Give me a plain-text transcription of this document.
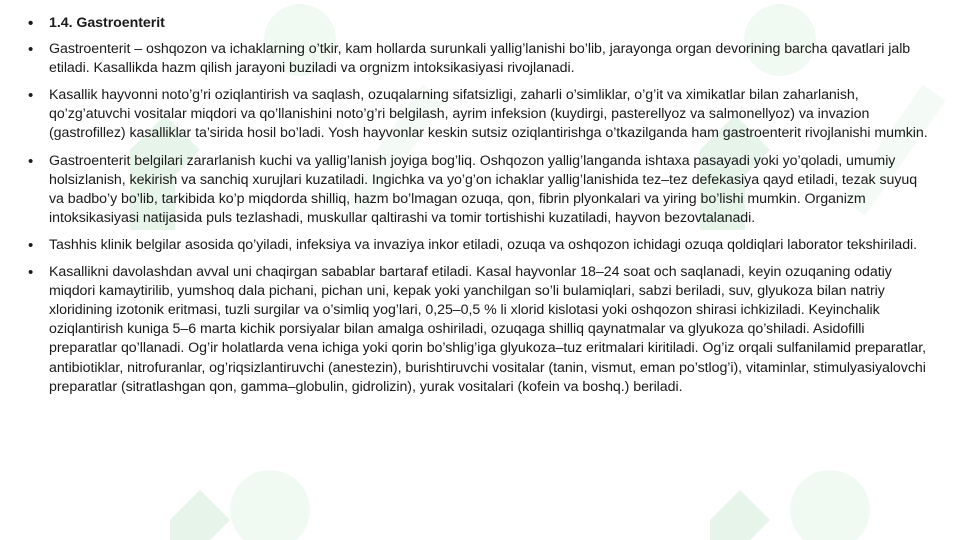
• 1.4. Gastroenterit
• Gastroenterit – oshqozon va ichaklarning o’tkir, kam hollarda surunkali yallig’lanishi bo’lib, jarayonga organ devorining barcha qavatlari jalb etiladi. Kasallikda hazm qilish jarayoni buziladi va orgnizm intoksikasiyasi rivojlanadi.
• Kasallik hayvonni noto’g’ri oziqlantirish va saqlash, ozuqalarning sifatsizligi, zaharli o’simliklar, o’g’it va ximikatlar bilan zaharlanish, qo’zg’atuvchi vositalar miqdori va qo’llanishini noto’g’ri belgilash, ayrim infeksion (kuydirgi, pasterellyoz va salmonellyoz) va invazion (gastrofillez) kasalliklar ta’sirida hosil bo’ladi. Yosh hayvonlar keskin sutsiz oziqlantirishga o’tkazilganda ham gastroenterit rivojlanishi mumkin.
• Gastroenterit belgilari zararlanish kuchi va yallig’lanish joyiga bog’liq. Oshqozon yallig’langanda ishtaxa pasayadi yoki yo’qoladi, umumiy holsizlanish, kekirish va sanchiq xurujlari kuzatiladi. Ingichka va yo’g’on ichaklar yallig’lanishida tez–tez defekasiya qayd etiladi, tezak suyuq va badbo’y bo’lib, tarkibida ko’p miqdorda shilliq, hazm bo’lmagan ozuqa, qon, fibrin plyonkalari va yiring bo’lishi mumkin. Organizm intoksikasiyasi natijasida puls tezlashadi, muskullar qaltirashi va tomir tortishishi kuzatiladi, hayvon bezovtalanadi.
• Tashhis klinik belgilar asosida qo’yiladi, infeksiya va invaziya inkor etiladi, ozuqa va oshqozon ichidagi ozuqa qoldiqlari laborator tekshiriladi.
• Kasallikni davolashdan avval uni chaqirgan sabablar bartaraf etiladi. Kasal hayvonlar 18–24 soat och saqlanadi, keyin ozuqaning odatiy miqdori kamaytirilib, yumshoq dala pichani, pichan uni, kepak yoki yanchilgan so’li bulamiqlari, sabzi beriladi, suv, glyukoza bilan natriy xloridining izotonik eritmasi, tuzli surgilar va o’simliq yog’lari, 0,25–0,5 % li xlorid kislotasi yoki oshqozon shirasi ichkiziladi. Keyinchalik oziqlantirish kuniga 5–6 marta kichik porsiyalar bilan amalga oshiriladi, ozuqaga shilliq qaynatmalar va glyukoza qo’shiladi. Asidofilli preparatlar qo’llanadi. Og’ir holatlarda vena ichiga yoki qorin bo’shlig’iga glyukoza–tuz eritmalari kiritiladi. Og’iz orqali sulfanilamid preparatlar, antibiotiklar, nitrofuranlar, og’riqsizlantiruvchi (anestezin), burishtiruvchi vositalar (tanin, vismut, eman po’stlog’i), vitaminlar, stimulyasiyalovchi preparatlar (sitratlashgan qon, gamma–globulin, gidrolizin), yurak vositalari (kofein va boshq.) beriladi.
